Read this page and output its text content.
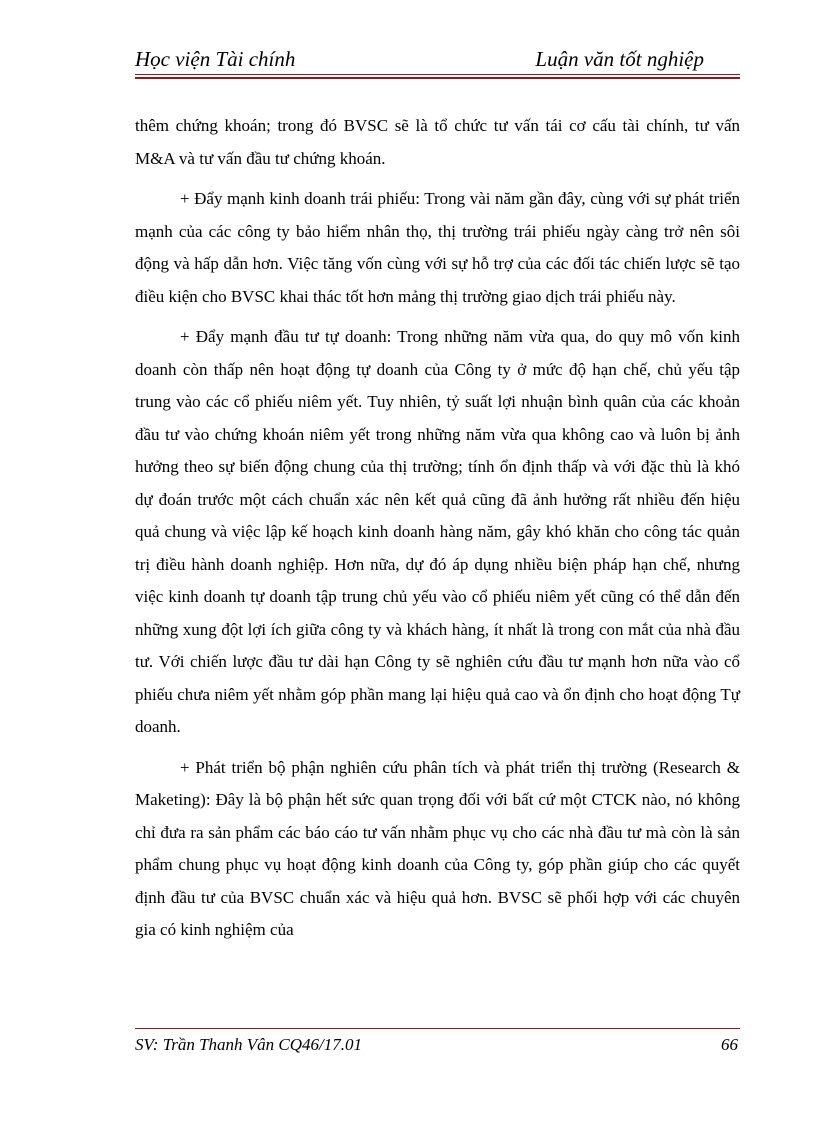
Học viện Tài chính	Luận văn tốt nghiệp

thêm chứng khoán; trong đó BVSC sẽ là tổ chức tư vấn tái cơ cấu tài chính, tư vấn M&A và tư vấn đầu tư chứng khoán.

+ Đẩy mạnh kinh doanh trái phiếu: Trong vài năm gần đây, cùng với sự phát triển mạnh của các công ty bảo hiểm nhân thọ, thị trường trái phiếu ngày càng trở nên sôi động và hấp dẫn hơn. Việc tăng vốn cùng với sự hỗ trợ của các đối tác chiến lược sẽ tạo điều kiện cho BVSC khai thác tốt hơn mảng thị trường giao dịch trái phiếu này.

+ Đẩy mạnh đầu tư tự doanh: Trong những năm vừa qua, do quy mô vốn kinh doanh còn thấp nên hoạt động tự doanh của Công ty ở mức độ hạn chế, chủ yếu tập trung vào các cổ phiếu niêm yết. Tuy nhiên, tỷ suất lợi nhuận bình quân của các khoản đầu tư vào chứng khoán niêm yết trong những năm vừa qua không cao và luôn bị ảnh hưởng theo sự biến động chung của thị trường; tính ổn định thấp và với đặc thù là khó dự đoán trước một cách chuẩn xác nên kết quả cũng đã ảnh hưởng rất nhiều đến hiệu quả chung và việc lập kế hoạch kinh doanh hàng năm, gây khó khăn cho công tác quản trị điều hành doanh nghiệp. Hơn nữa, dự đó áp dụng nhiều biện pháp hạn chế, nhưng việc kinh doanh tự doanh tập trung chủ yếu vào cổ phiếu niêm yết cũng có thể dẫn đến những xung đột lợi ích giữa công ty và khách hàng, ít nhất là trong con mắt của nhà đầu tư. Với chiến lược đầu tư dài hạn Công ty sẽ nghiên cứu đầu tư mạnh hơn nữa vào cổ phiếu chưa niêm yết nhằm góp phần mang lại hiệu quả cao và ổn định cho hoạt động Tự doanh.

+ Phát triển bộ phận nghiên cứu phân tích và phát triển thị trường (Research & Maketing): Đây là bộ phận hết sức quan trọng đối với bất cứ một CTCK nào, nó không chỉ đưa ra sản phẩm các báo cáo tư vấn nhằm phục vụ cho các nhà đầu tư mà còn là sản phẩm chung phục vụ hoạt động kinh doanh của Công ty, góp phần giúp cho các quyết định đầu tư của BVSC chuẩn xác và hiệu quả hơn. BVSC sẽ phối hợp với các chuyên gia có kinh nghiệm của

SV: Trần Thanh Vân CQ46/17.01	66
